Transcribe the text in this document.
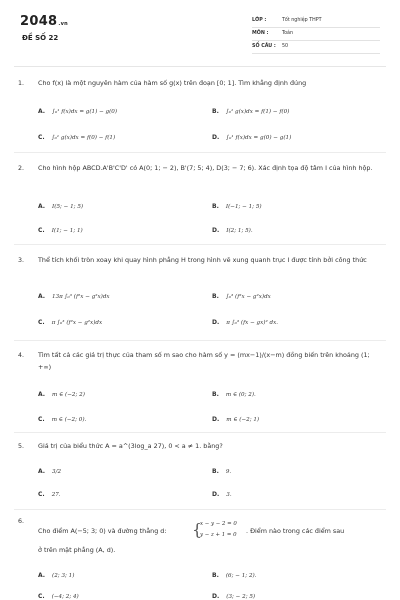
2048.vn
ĐỀ SỐ 22
LỚP :	Tốt nghiệp THPT
MÔN :	Toán
SỐ CÂU : 50
1. Cho f(x) là một nguyên hàm của hàm số g(x) trên đoạn [0; 1]. Tìm khẳng định đúng
A. ∫₀¹ f(x)dx = g(1) − g(0)	B. ∫₀¹ g(x)dx = f(1) − f(0)
C. ∫₀¹ g(x)dx = f(0) − f(1)	D. ∫₀¹ f(x)dx = g(0) − g(1)
2. Cho hình hộp ABCD.A'B'C'D' có A(0; 1; − 2), B'(7; 5; 4), D(3; − 7; 6). Xác định tọa độ tâm I của hình hộp.
A. I(5; − 1; 5)	B. I(−1; − 1; 5)
C. I(1; − 1; 1)	D. I(2; 1; 5).
3. Thể tích khối tròn xoay khi quay hình phẳng H trong hình vẽ xung quanh trục I được tính bởi công thức
A. 13π ∫₀³ (f²x − g²x)dx	B. ∫₀³ (f²x − g²x)dx
C. π ∫₀³ (f²x − g²x)dx	D. π ∫₀³ (fx − gx)² dx.
4. Tìm tất cả các giá trị thực của tham số m sao cho hàm số y = (mx−1)/(x−m) đồng biến trên khoảng (1; +∞)
A. m ∈ (−2; 2)	B. m ∈ (0; 2).
C. m ∈ (−2; 0).	D. m ∈ (−2; 1)
5. Giá trị của biểu thức A = a^(3log_a 27), 0 < a ≠ 1. bằng?
A. 3/2	B. 9.
C. 27.	D. 3.
6.
Cho điểm A(−5; 3; 0) và đường thẳng d:	{
x − y − 2 = 0
y − z + 1 = 0 . Điểm nào trong các điểm sau
ở trên mặt phẳng (A, d).
A. (2; 3; 1)	B. (6; − 1; 2).
C. (−4; 2; 4)	D. (3; − 2; 5)
